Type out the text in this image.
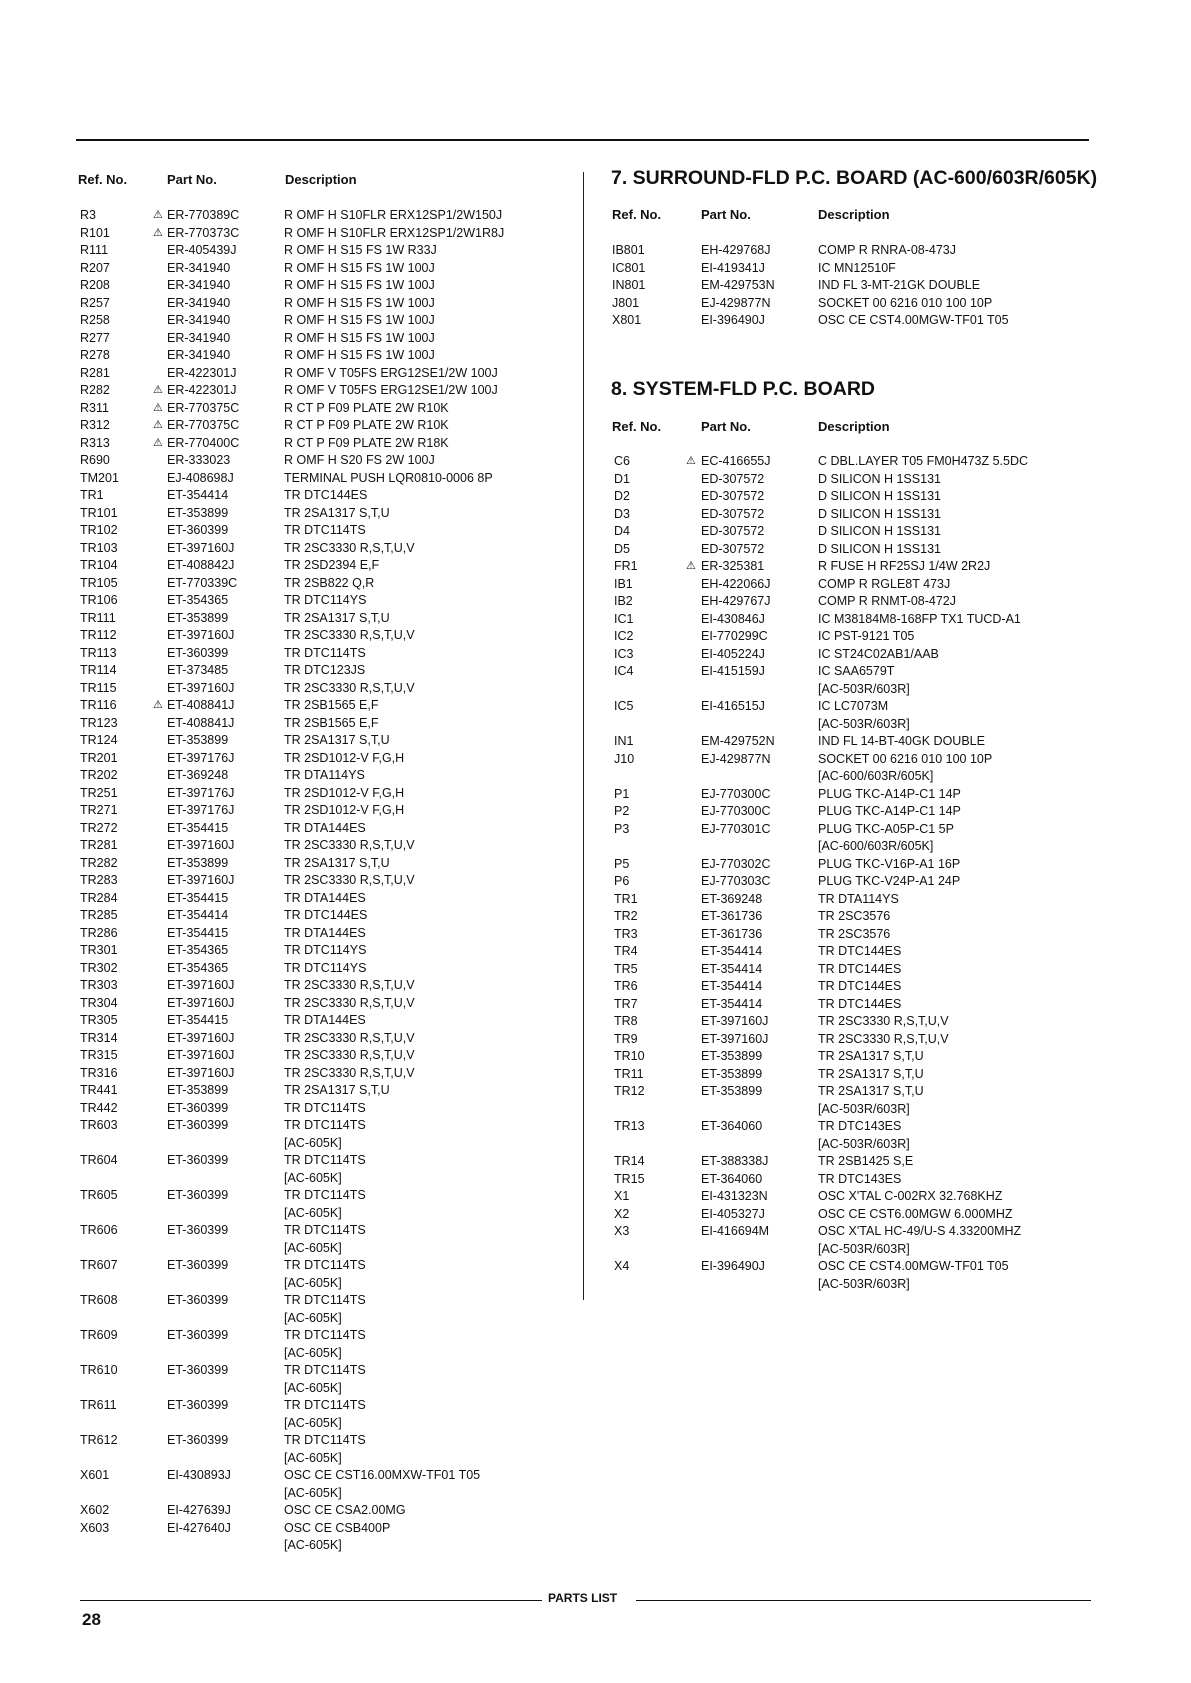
Ref. No.	Part No.	Description
R3	⚠ ER-770389C	R OMF H S10FLR ERX12SP1/2W150J
R101	⚠ ER-770373C	R OMF H S10FLR ERX12SP1/2W1R8J
R111	ER-405439J	R OMF H S15 FS 1W R33J
R207	ER-341940	R OMF H S15 FS 1W 100J
R208	ER-341940	R OMF H S15 FS 1W 100J
R257	ER-341940	R OMF H S15 FS 1W 100J
R258	ER-341940	R OMF H S15 FS 1W 100J
R277	ER-341940	R OMF H S15 FS 1W 100J
R278	ER-341940	R OMF H S15 FS 1W 100J
R281	ER-422301J	R OMF V T05FS ERG12SE1/2W 100J
R282	⚠ ER-422301J	R OMF V T05FS ERG12SE1/2W 100J
R311	⚠ ER-770375C	R CT P F09 PLATE 2W R10K
R312	⚠ ER-770375C	R CT P F09 PLATE 2W R10K
R313	⚠ ER-770400C	R CT P F09 PLATE 2W R18K
R690	ER-333023	R OMF H S20 FS 2W 100J
TM201	EJ-408698J	TERMINAL PUSH LQR0810-0006 8P
TR1	ET-354414	TR DTC144ES
TR101	ET-353899	TR 2SA1317 S,T,U
TR102	ET-360399	TR DTC114TS
TR103	ET-397160J	TR 2SC3330 R,S,T,U,V
TR104	ET-408842J	TR 2SD2394 E,F
TR105	ET-770339C	TR 2SB822 Q,R
TR106	ET-354365	TR DTC114YS
TR111	ET-353899	TR 2SA1317 S,T,U
TR112	ET-397160J	TR 2SC3330 R,S,T,U,V
TR113	ET-360399	TR DTC114TS
TR114	ET-373485	TR DTC123JS
TR115	ET-397160J	TR 2SC3330 R,S,T,U,V
TR116	⚠ ET-408841J	TR 2SB1565 E,F
TR123	ET-408841J	TR 2SB1565 E,F
TR124	ET-353899	TR 2SA1317 S,T,U
TR201	ET-397176J	TR 2SD1012-V F,G,H
TR202	ET-369248	TR DTA114YS
TR251	ET-397176J	TR 2SD1012-V F,G,H
TR271	ET-397176J	TR 2SD1012-V F,G,H
TR272	ET-354415	TR DTA144ES
TR281	ET-397160J	TR 2SC3330 R,S,T,U,V
TR282	ET-353899	TR 2SA1317 S,T,U
TR283	ET-397160J	TR 2SC3330 R,S,T,U,V
TR284	ET-354415	TR DTA144ES
TR285	ET-354414	TR DTC144ES
TR286	ET-354415	TR DTA144ES
TR301	ET-354365	TR DTC114YS
TR302	ET-354365	TR DTC114YS
TR303	ET-397160J	TR 2SC3330 R,S,T,U,V
TR304	ET-397160J	TR 2SC3330 R,S,T,U,V
TR305	ET-354415	TR DTA144ES
TR314	ET-397160J	TR 2SC3330 R,S,T,U,V
TR315	ET-397160J	TR 2SC3330 R,S,T,U,V
TR316	ET-397160J	TR 2SC3330 R,S,T,U,V
TR441	ET-353899	TR 2SA1317 S,T,U
TR442	ET-360399	TR DTC114TS
TR603	ET-360399	TR DTC114TS
[AC-605K]
TR604	ET-360399	TR DTC114TS
[AC-605K]
TR605	ET-360399	TR DTC114TS
[AC-605K]
TR606	ET-360399	TR DTC114TS
[AC-605K]
TR607	ET-360399	TR DTC114TS
[AC-605K]
TR608	ET-360399	TR DTC114TS
[AC-605K]
TR609	ET-360399	TR DTC114TS
[AC-605K]
TR610	ET-360399	TR DTC114TS
[AC-605K]
TR611	ET-360399	TR DTC114TS
[AC-605K]
TR612	ET-360399	TR DTC114TS
[AC-605K]
X601	EI-430893J	OSC CE CST16.00MXW-TF01 T05
[AC-605K]
X602	EI-427639J	OSC CE CSA2.00MG
X603	EI-427640J	OSC CE CSB400P
[AC-605K]
7. SURROUND-FLD P.C. BOARD (AC-600/603R/605K)
Ref. No.	Part No.	Description
IB801	EH-429768J	COMP R RNRA-08-473J
IC801	EI-419341J	IC MN12510F
IN801	EM-429753N	IND FL 3-MT-21GK DOUBLE
J801	EJ-429877N	SOCKET 00 6216 010 100 10P
X801	EI-396490J	OSC CE CST4.00MGW-TF01 T05
8. SYSTEM-FLD P.C. BOARD
Ref. No.	Part No.	Description
C6	⚠ EC-416655J	C DBL.LAYER T05 FM0H473Z 5.5DC
D1	ED-307572	D SILICON H 1SS131
D2	ED-307572	D SILICON H 1SS131
D3	ED-307572	D SILICON H 1SS131
D4	ED-307572	D SILICON H 1SS131
D5	ED-307572	D SILICON H 1SS131
FR1	⚠ ER-325381	R FUSE H RF25SJ 1/4W 2R2J
IB1	EH-422066J	COMP R RGLE8T 473J
IB2	EH-429767J	COMP R RNMT-08-472J
IC1	EI-430846J	IC M38184M8-168FP TX1 TUCD-A1
IC2	EI-770299C	IC PST-9121 T05
IC3	EI-405224J	IC ST24C02AB1/AAB
IC4	EI-415159J	IC SAA6579T
[AC-503R/603R]
IC5	EI-416515J	IC LC7073M
[AC-503R/603R]
IN1	EM-429752N	IND FL 14-BT-40GK DOUBLE
J10	EJ-429877N	SOCKET 00 6216 010 100 10P
[AC-600/603R/605K]
P1	EJ-770300C	PLUG TKC-A14P-C1 14P
P2	EJ-770300C	PLUG TKC-A14P-C1 14P
P3	EJ-770301C	PLUG TKC-A05P-C1 5P
[AC-600/603R/605K]
P5	EJ-770302C	PLUG TKC-V16P-A1 16P
P6	EJ-770303C	PLUG TKC-V24P-A1 24P
TR1	ET-369248	TR DTA114YS
TR2	ET-361736	TR 2SC3576
TR3	ET-361736	TR 2SC3576
TR4	ET-354414	TR DTC144ES
TR5	ET-354414	TR DTC144ES
TR6	ET-354414	TR DTC144ES
TR7	ET-354414	TR DTC144ES
TR8	ET-397160J	TR 2SC3330 R,S,T,U,V
TR9	ET-397160J	TR 2SC3330 R,S,T,U,V
TR10	ET-353899	TR 2SA1317 S,T,U
TR11	ET-353899	TR 2SA1317 S,T,U
TR12	ET-353899	TR 2SA1317 S,T,U
[AC-503R/603R]
TR13	ET-364060	TR DTC143ES
[AC-503R/603R]
TR14	ET-388338J	TR 2SB1425 S,E
TR15	ET-364060	TR DTC143ES
X1	EI-431323N	OSC X'TAL C-002RX 32.768KHZ
X2	EI-405327J	OSC CE CST6.00MGW 6.000MHZ
X3	EI-416694M	OSC X'TAL HC-49/U-S 4.33200MHZ
[AC-503R/603R]
X4	EI-396490J	OSC CE CST4.00MGW-TF01 T05
[AC-503R/603R]
PARTS LIST
28
